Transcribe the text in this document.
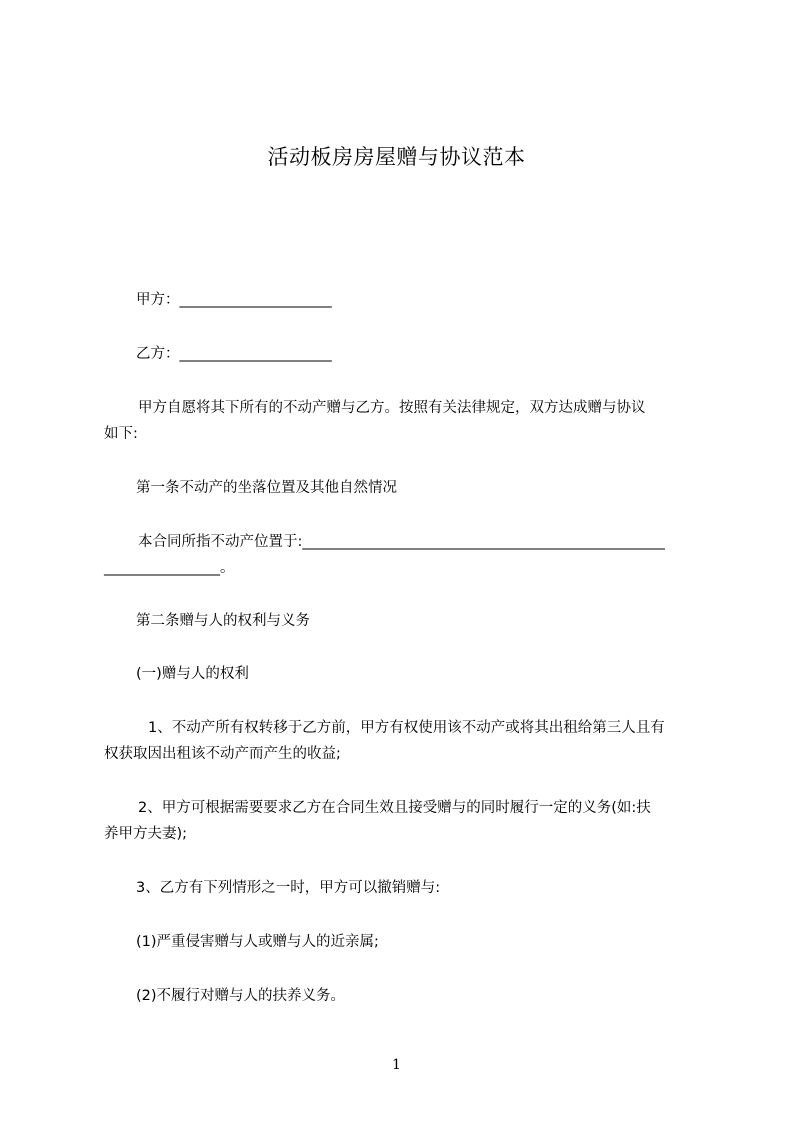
活动板房房屋赠与协议范本
甲方：_____________________
乙方：_____________________
甲方自愿将其下所有的不动产赠与乙方。按照有关法律规定，双方达成赠与协议
如下:
第一条不动产的坐落位置及其他自然情况
本合同所指不动产位置于:__________________________________________________
________________。
第二条赠与人的权利与义务
(一)赠与人的权利
1、不动产所有权转移于乙方前，甲方有权使用该不动产或将其出租给第三人且有
权获取因出租该不动产而产生的收益;
2、甲方可根据需要要求乙方在合同生效且接受赠与的同时履行一定的义务(如:扶
养甲方夫妻);
3、乙方有下列情形之一时，甲方可以撤销赠与:
(1)严重侵害赠与人或赠与人的近亲属;
(2)不履行对赠与人的扶养义务。
1
